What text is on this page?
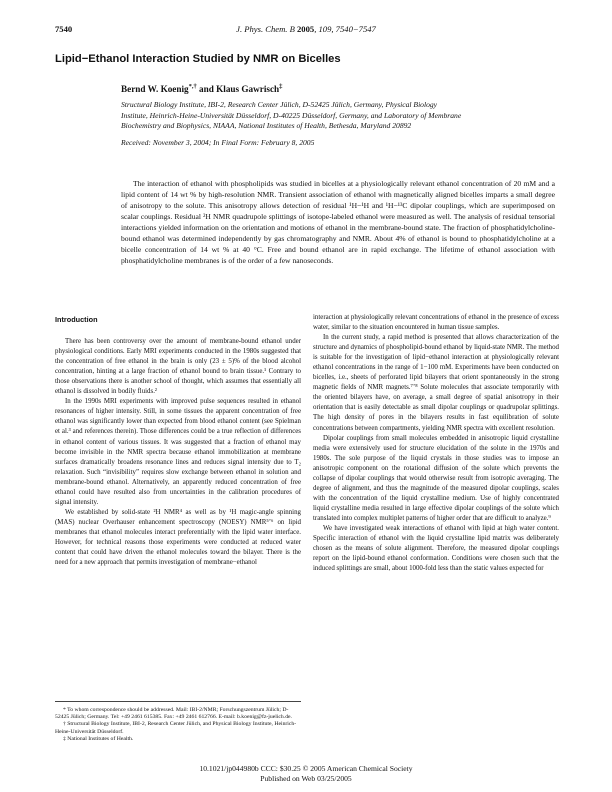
7540	J. Phys. Chem. B 2005, 109, 7540−7547
Lipid−Ethanol Interaction Studied by NMR on Bicelles
Bernd W. Koenig*,† and Klaus Gawrisch‡
Structural Biology Institute, IBI-2, Research Center Jülich, D-52425 Jülich, Germany, Physical Biology
Institute, Heinrich-Heine-Universität Düsseldorf, D-40225 Düsseldorf, Germany, and Laboratory of Membrane
Biochemistry and Biophysics, NIAAA, National Institutes of Health, Bethesda, Maryland 20892
Received: November 3, 2004; In Final Form: February 8, 2005

The interaction of ethanol with phospholipids was studied in bicelles at a physiologically relevant ethanol concentration of 20 mM and a lipid content of 14 wt % by high-resolution NMR. Transient association of ethanol with magnetically aligned bicelles imparts a small degree of anisotropy to the solute. This anisotropy allows detection of residual ¹H−¹H and ¹H−¹³C dipolar couplings, which are superimposed on scalar couplings. Residual ²H NMR quadrupole splittings of isotope-labeled ethanol were measured as well. The analysis of residual tensorial interactions yielded information on the orientation and motions of ethanol in the membrane-bound state. The fraction of phosphatidylcholine-bound ethanol was determined independently by gas chromatography and NMR. About 4% of ethanol is bound to phosphatidylcholine at a bicelle concentration of 14 wt % at 40 °C. Free and bound ethanol are in rapid exchange. The lifetime of ethanol association with phosphatidylcholine membranes is of the order of a few nanoseconds.

Introduction

There has been controversy over the amount of membrane-bound ethanol under physiological conditions. Early MRI experiments conducted in the 1980s suggested that the concentration of free ethanol in the brain is only (23 ± 5)% of the blood alcohol concentration, hinting at a large fraction of ethanol bound to brain tissue.¹ Contrary to those observations there is another school of thought, which assumes that essentially all ethanol is dissolved in bodily fluids.²

In the 1990s MRI experiments with improved pulse sequences resulted in ethanol resonances of higher intensity. Still, in some tissues the apparent concentration of free ethanol was significantly lower than expected from blood ethanol content (see Spielman et al.³ and references therein). Those differences could be a true reflection of differences in ethanol content of various tissues. It was suggested that a fraction of ethanol may become invisible in the NMR spectra because ethanol immobilization at membrane surfaces dramatically broadens resonance lines and reduces signal intensity due to T₂ relaxation. Such “invisibility” requires slow exchange between ethanol in solution and membrane-bound ethanol. Alternatively, an apparently reduced concentration of free ethanol could have resulted also from uncertainties in the calibration procedures of signal intensity.

We established by solid-state ²H NMR⁴ as well as by ¹H magic-angle spinning (MAS) nuclear Overhauser enhancement spectroscopy (NOESY) NMR⁵ʼ⁶ on lipid membranes that ethanol molecules interact preferentially with the lipid water interface. However, for technical reasons those experiments were conducted at reduced water content that could have driven the ethanol molecules toward the bilayer. There is the need for a new approach that permits investigation of membrane−ethanol

interaction at physiologically relevant concentrations of ethanol in the presence of excess water, similar to the situation encountered in human tissue samples.

In the current study, a rapid method is presented that allows characterization of the structure and dynamics of phospholipid-bound ethanol by liquid-state NMR. The method is suitable for the investigation of lipid−ethanol interaction at physiologically relevant ethanol concentrations in the range of 1−100 mM. Experiments have been conducted on bicelles, i.e., sheets of perforated lipid bilayers that orient spontaneously in the strong magnetic fields of NMR magnets.⁷ʼ⁸ Solute molecules that associate temporarily with the oriented bilayers have, on average, a small degree of spatial anisotropy in their orientation that is easily detectable as small dipolar couplings or quadrupolar splittings. The high density of pores in the bilayers results in fast equilibration of solute concentrations between compartments, yielding NMR spectra with excellent resolution.

Dipolar couplings from small molecules embedded in anisotropic liquid crystalline media were extensively used for structure elucidation of the solute in the 1970s and 1980s. The sole purpose of the liquid crystals in those studies was to impose an anisotropic component on the rotational diffusion of the solute which prevents the collapse of dipolar couplings that would otherwise result from isotropic averaging. The degree of alignment, and thus the magnitude of the measured dipolar couplings, scales with the concentration of the liquid crystalline medium. Use of highly concentrated liquid crystalline media resulted in large effective dipolar couplings of the solute which translated into complex multiplet patterns of higher order that are difficult to analyze.⁹

We have investigated weak interactions of ethanol with lipid at high water content. Specific interaction of ethanol with the liquid crystalline lipid matrix was deliberately chosen as the means of solute alignment. Therefore, the measured dipolar couplings report on the lipid-bound ethanol conformation. Conditions were chosen such that the induced splittings are small, about 1000-fold less than the static values expected for

* To whom correspondence should be addressed. Mail: IBI-2/NMR; Forschungszentrum Jülich; D-52425 Jülich; Germany. Tel: +49 2461 615385. Fax: +49 2461 612766. E-mail: b.koenig@fz-juelich.de.
† Structural Biology Institute, IBI-2, Research Center Jülich, and Physical Biology Institute, Heinrich-Heine-Universität Düsseldorf.
‡ National Institutes of Health.
10.1021/jp044980b CCC: $30.25 © 2005 American Chemical Society
Published on Web 03/25/2005
